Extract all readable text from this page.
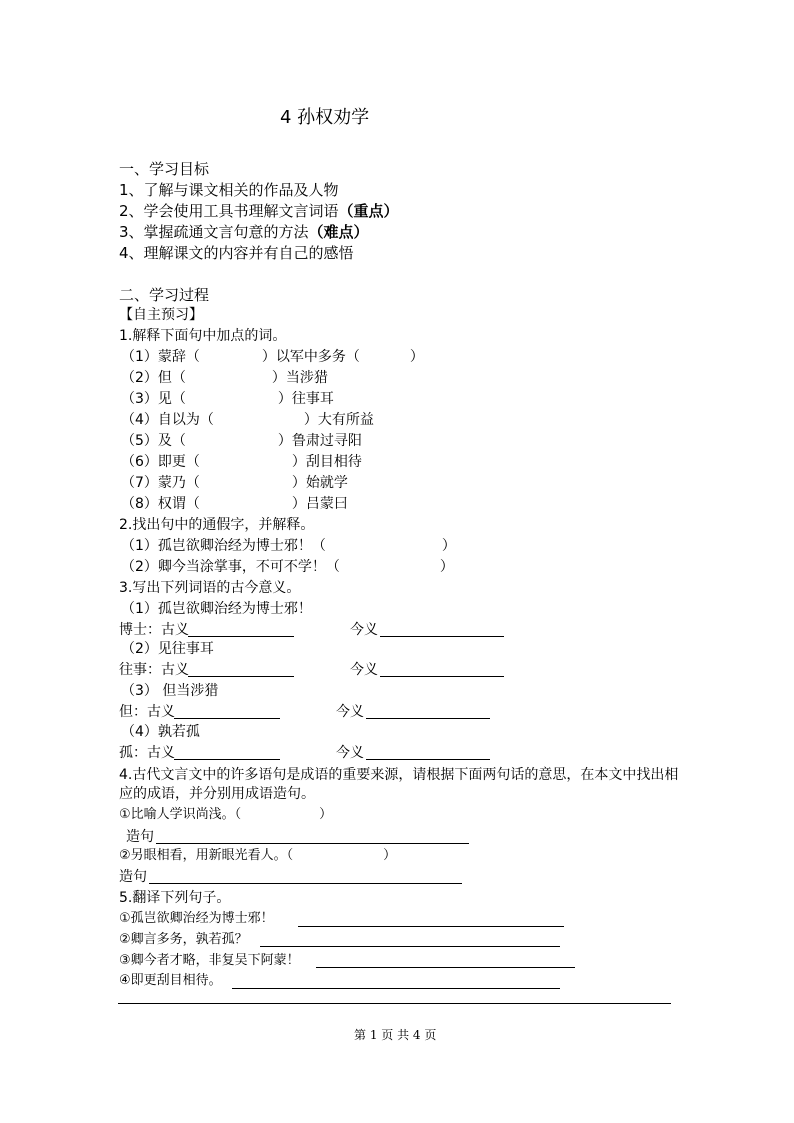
4 孙权劝学
一、学习目标
1、了解与课文相关的作品及人物
2、学会使用工具书理解文言词语（重点）
3、掌握疏通文言句意的方法（难点）
4、理解课文的内容并有自己的感悟
二、学习过程
【自主预习】
1.解释下面句中加点的词。
（1）蒙辞（	）以军中多务（	）
（2）但（	）当涉猎
（3）见（	）往事耳
（4）自以为（	）大有所益
（5）及（	）鲁肃过寻阳
（6）即更（	）刮目相待
（7）蒙乃（	）始就学
（8）权谓（	）吕蒙曰
2.找出句中的通假字，并解释。
（1）孤岂欲卿治经为博士邪！（	）
（2）卿今当涂掌事，不可不学！（	）
3.写出下列词语的古今意义。
（1）孤岂欲卿治经为博士邪！
博士：古义	今义
（2）见往事耳
往事：古义	今义
（3） 但当涉猎
但：古义	今义
（4）孰若孤
孤：古义	今义
4.古代文言文中的许多语句是成语的重要来源，请根据下面两句话的意思，在本文中找出相
应的成语，并分别用成语造句。
①比喻人学识尚浅。（	）
造句
②另眼相看，用新眼光看人。（	）
造句
5.翻译下列句子。
①孤岂欲卿治经为博士邪！
②卿言多务，孰若孤？
③卿今者才略，非复吴下阿蒙！
④即更刮目相待。
第 1 页 共 4 页
